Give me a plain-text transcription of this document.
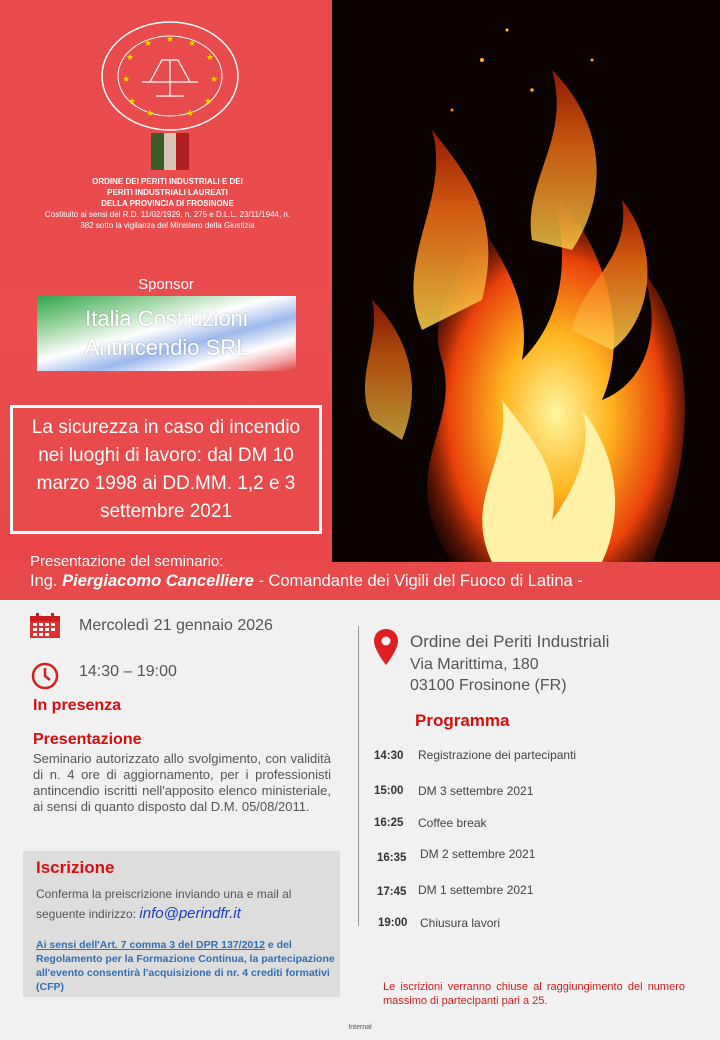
★
★ ★ ★
★
★
★
★
★
★	★
ORDINE DEI PERITI INDUSTRIALI E DEI
PERITI INDUSTRIALI LAUREATI
DELLA PROVINCIA DI FROSINONE
Costituito ai sensi del R.D. 11/02/1929, n. 275 e D.L.L. 23/11/1944, n.
382 sotto la vigilanza del Ministero della Giustizia
Sponsor
Italia Costruzioni
Antincendio SRL
La sicurezza in caso di incendio nei luoghi di lavoro: dal DM 10 marzo 1998 ai DD.MM. 1,2 e 3 settembre 2021
Presentazione del seminario:
Ing. Piergiacomo Cancelliere - Comandante dei Vigili del Fuoco di Latina -
Mercoledì 21 gennaio 2026
14:30 – 19:00
In presenza
Presentazione
Seminario autorizzato allo svolgimento, con validità di n. 4 ore di aggiornamento, per i professionisti antincendio iscritti nell'apposito elenco ministeriale, ai sensi di quanto disposto dal D.M. 05/08/2011.
Iscrizione
Conferma la preiscrizione inviando una e mail al seguente indirizzo: info@perindfr.it
Ai sensi dell'Art. 7 comma 3 del DPR 137/2012 e del Regolamento per la Formazione Continua, la partecipazione all'evento consentirà l'acquisizione di nr. 4 crediti formativi (CFP)
Ordine dei Periti Industriali
Via Marittima, 180
03100 Frosinone (FR)
Programma
14:30 Registrazione dei partecipanti
15:00 DM 3 settembre 2021
16:25 Coffee break
16:35 DM 2 settembre 2021
17:45 DM 1 settembre 2021
19:00 Chiusura lavori
Le iscrizioni verranno chiuse al raggiungimento del numero massimo di partecipanti pari a 25.
Internal
